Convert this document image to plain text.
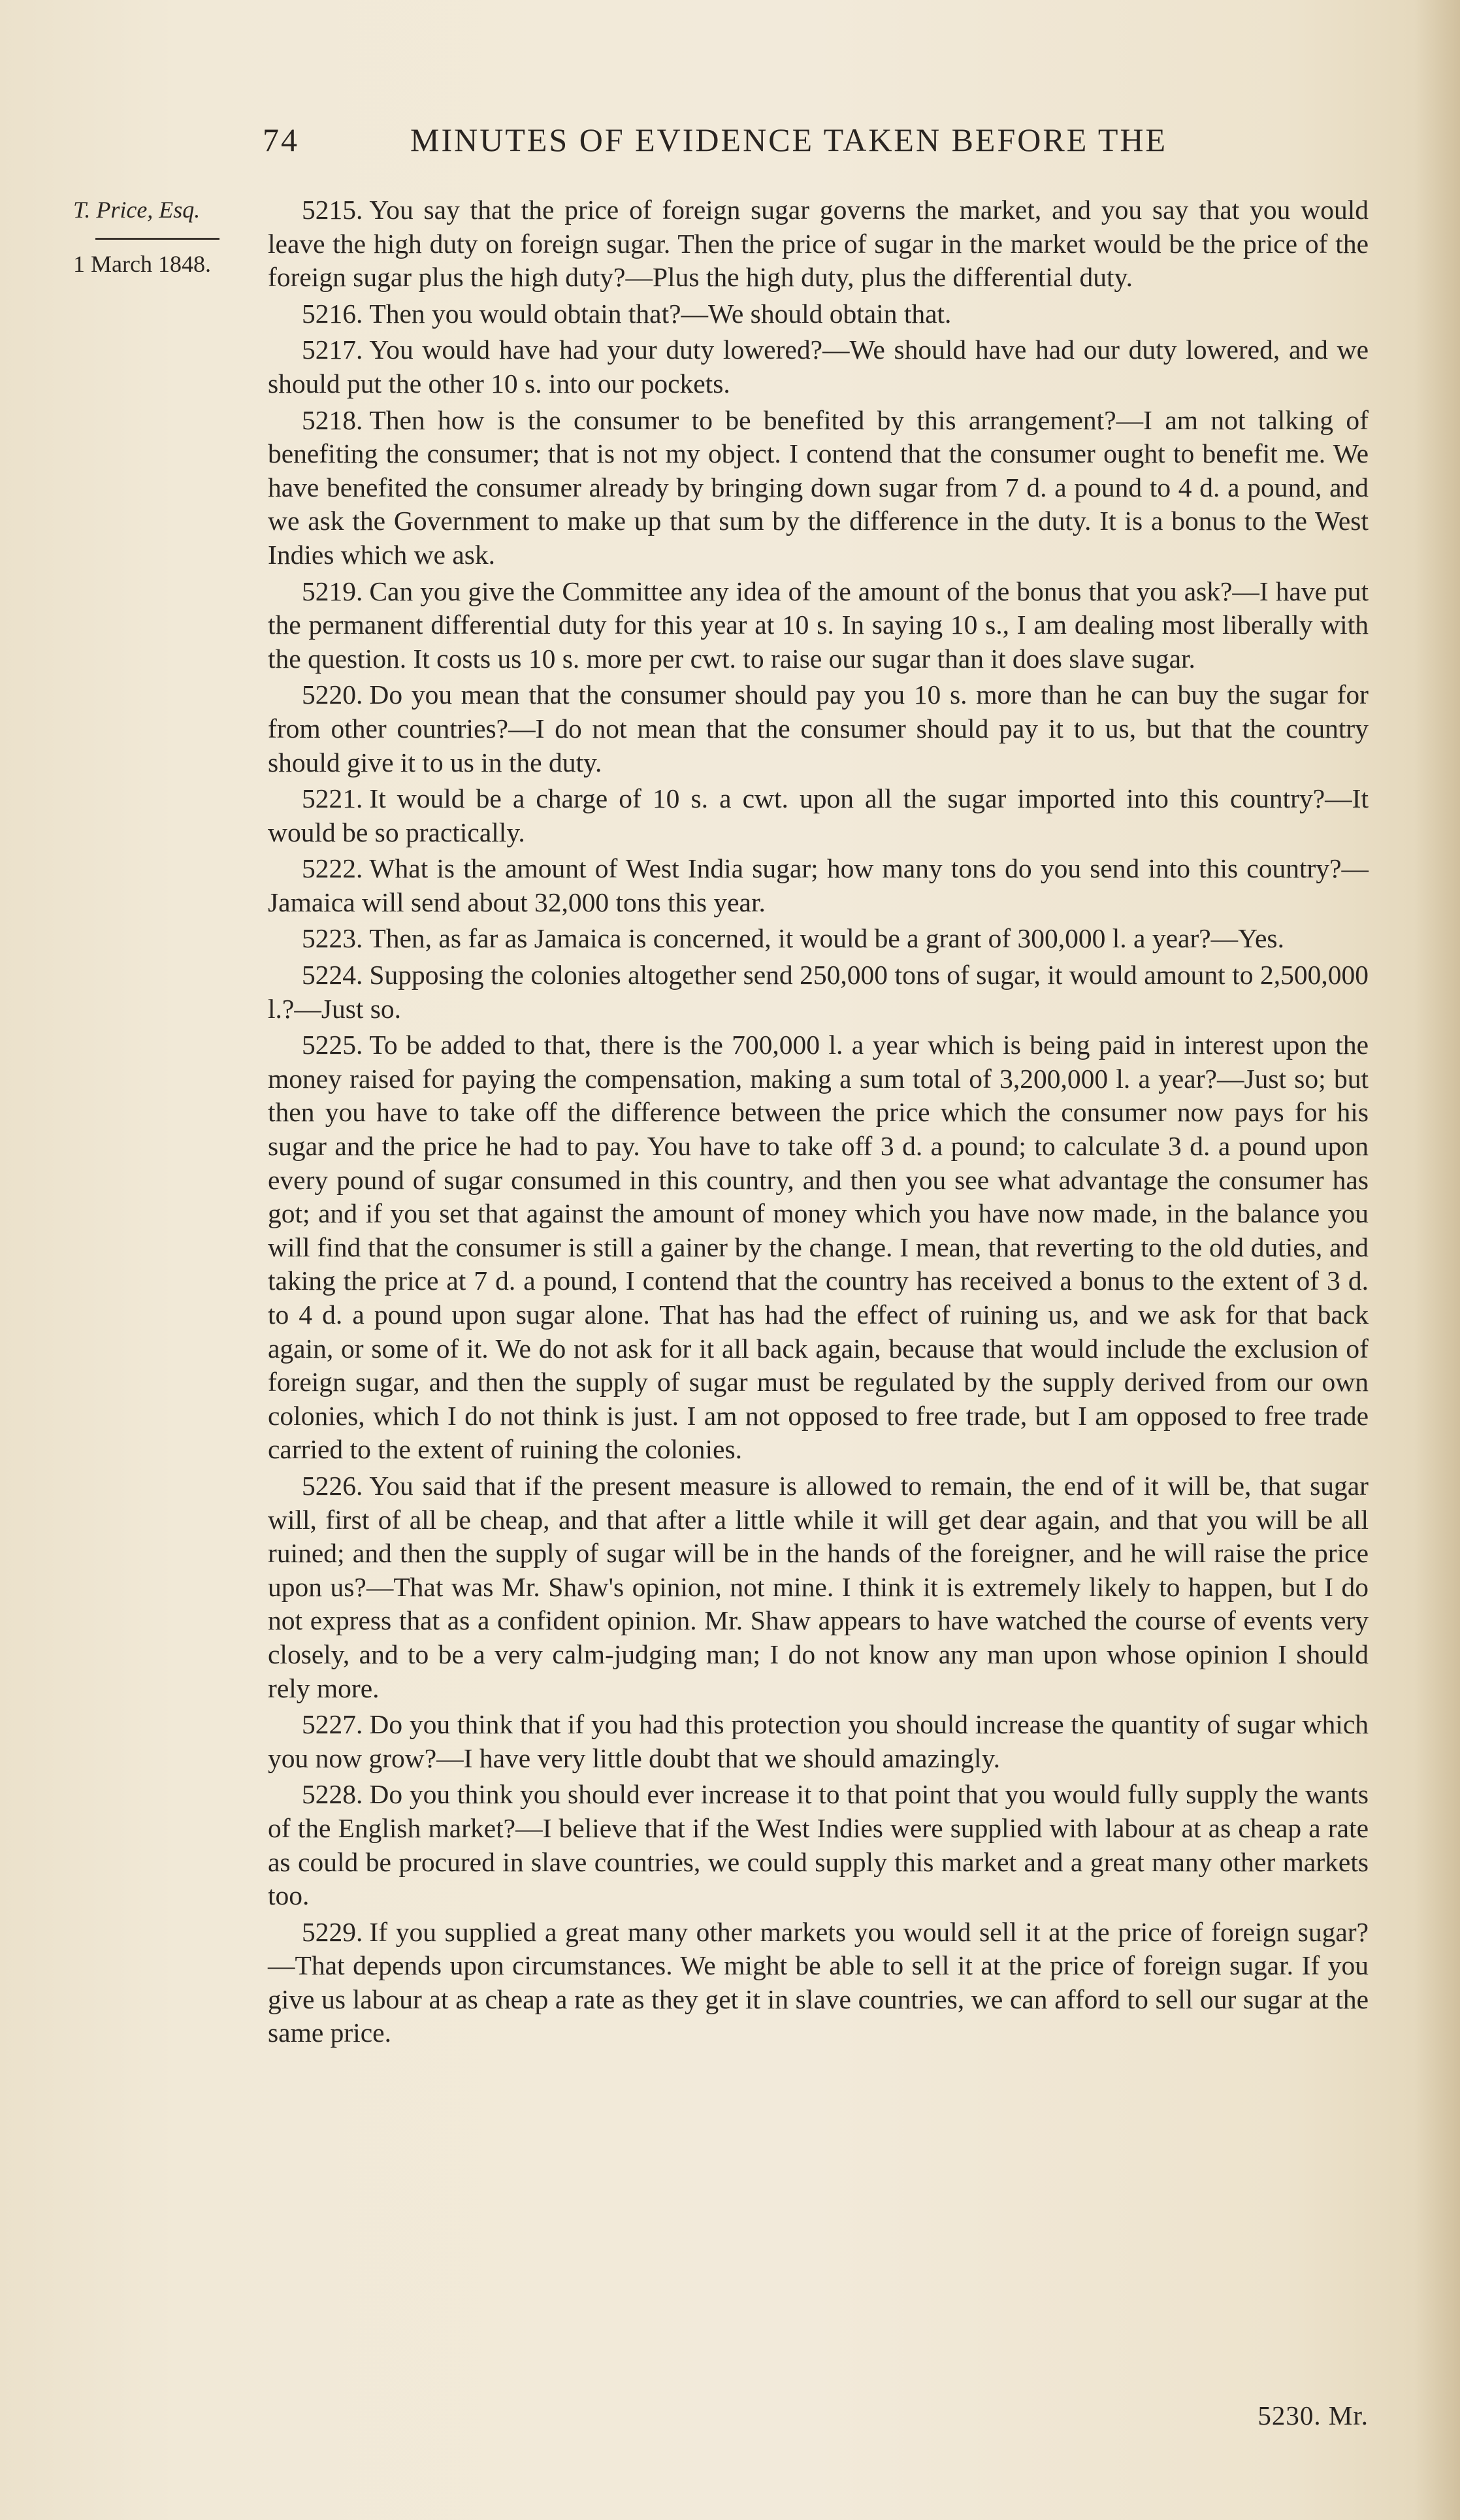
74	MINUTES OF EVIDENCE TAKEN BEFORE THE
T. Price, Esq.
1 March 1848.

5215. You say that the price of foreign sugar governs the market, and you say that you would leave the high duty on foreign sugar. Then the price of sugar in the market would be the price of the foreign sugar plus the high duty?—Plus the high duty, plus the differential duty.

5216. Then you would obtain that?—We should obtain that.

5217. You would have had your duty lowered?—We should have had our duty lowered, and we should put the other 10 s. into our pockets.

5218. Then how is the consumer to be benefited by this arrangement?—I am not talking of benefiting the consumer; that is not my object. I contend that the consumer ought to benefit me. We have benefited the consumer already by bringing down sugar from 7 d. a pound to 4 d. a pound, and we ask the Government to make up that sum by the difference in the duty. It is a bonus to the West Indies which we ask.

5219. Can you give the Committee any idea of the amount of the bonus that you ask?—I have put the permanent differential duty for this year at 10 s. In saying 10 s., I am dealing most liberally with the question. It costs us 10 s. more per cwt. to raise our sugar than it does slave sugar.

5220. Do you mean that the consumer should pay you 10 s. more than he can buy the sugar for from other countries?—I do not mean that the consumer should pay it to us, but that the country should give it to us in the duty.

5221. It would be a charge of 10 s. a cwt. upon all the sugar imported into this country?—It would be so practically.

5222. What is the amount of West India sugar; how many tons do you send into this country?—Jamaica will send about 32,000 tons this year.

5223. Then, as far as Jamaica is concerned, it would be a grant of 300,000 l. a year?—Yes.

5224. Supposing the colonies altogether send 250,000 tons of sugar, it would amount to 2,500,000 l.?—Just so.

5225. To be added to that, there is the 700,000 l. a year which is being paid in interest upon the money raised for paying the compensation, making a sum total of 3,200,000 l. a year?—Just so; but then you have to take off the difference between the price which the consumer now pays for his sugar and the price he had to pay. You have to take off 3 d. a pound; to calculate 3 d. a pound upon every pound of sugar consumed in this country, and then you see what advantage the consumer has got; and if you set that against the amount of money which you have now made, in the balance you will find that the consumer is still a gainer by the change. I mean, that reverting to the old duties, and taking the price at 7 d. a pound, I contend that the country has received a bonus to the extent of 3 d. to 4 d. a pound upon sugar alone. That has had the effect of ruining us, and we ask for that back again, or some of it. We do not ask for it all back again, because that would include the exclusion of foreign sugar, and then the supply of sugar must be regulated by the supply derived from our own colonies, which I do not think is just. I am not opposed to free trade, but I am opposed to free trade carried to the extent of ruining the colonies.

5226. You said that if the present measure is allowed to remain, the end of it will be, that sugar will, first of all be cheap, and that after a little while it will get dear again, and that you will be all ruined; and then the supply of sugar will be in the hands of the foreigner, and he will raise the price upon us?—That was Mr. Shaw's opinion, not mine. I think it is extremely likely to happen, but I do not express that as a confident opinion. Mr. Shaw appears to have watched the course of events very closely, and to be a very calm-judging man; I do not know any man upon whose opinion I should rely more.

5227. Do you think that if you had this protection you should increase the quantity of sugar which you now grow?—I have very little doubt that we should amazingly.

5228. Do you think you should ever increase it to that point that you would fully supply the wants of the English market?—I believe that if the West Indies were supplied with labour at as cheap a rate as could be procured in slave countries, we could supply this market and a great many other markets too.

5229. If you supplied a great many other markets you would sell it at the price of foreign sugar?—That depends upon circumstances. We might be able to sell it at the price of foreign sugar. If you give us labour at as cheap a rate as they get it in slave countries, we can afford to sell our sugar at the same price.

5230. Mr.
